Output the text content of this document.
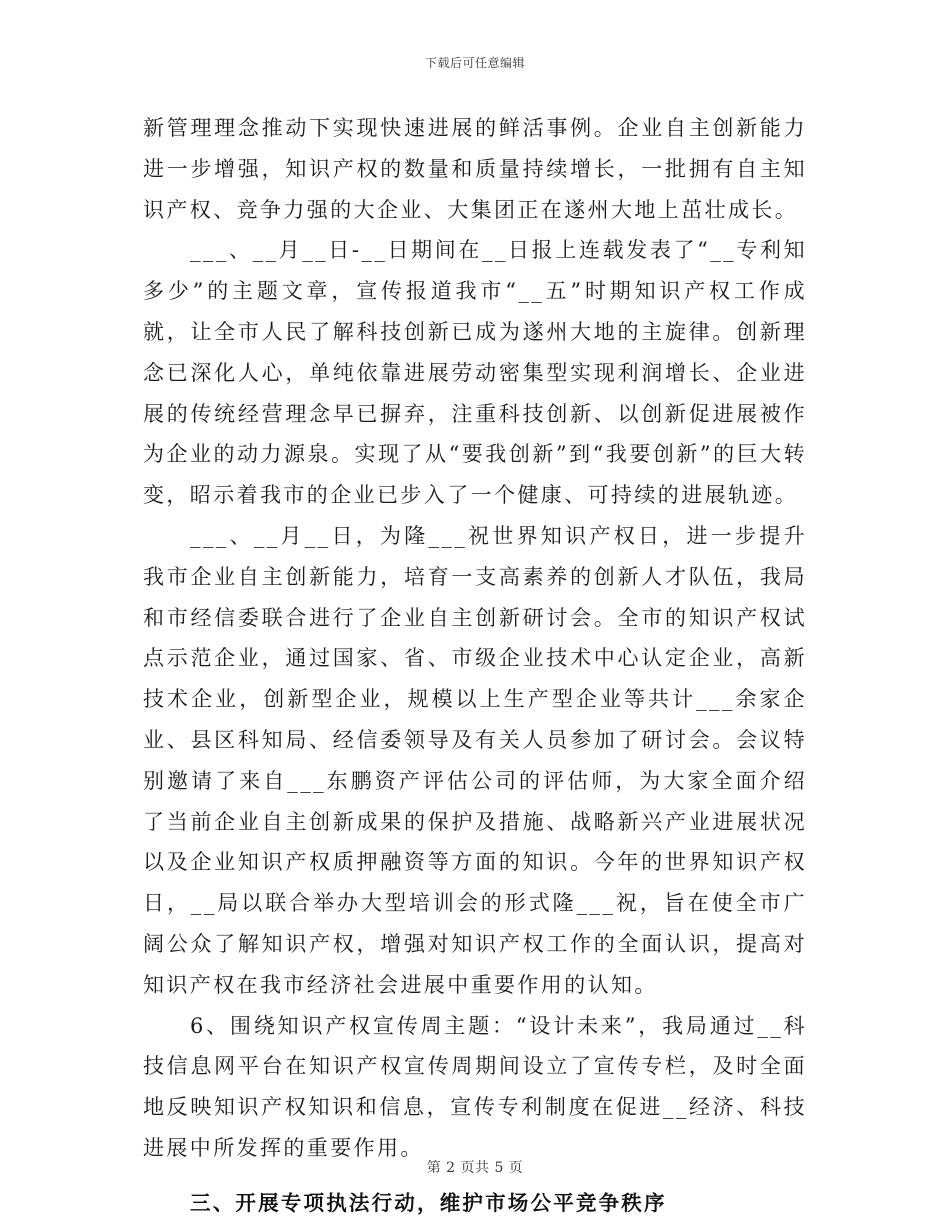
下载后可任意编辑

新管理理念推动下实现快速进展的鲜活事例。企业自主创新能力进一步增强，知识产权的数量和质量持续增长，一批拥有自主知识产权、竞争力强的大企业、大集团正在遂州大地上茁壮成长。

___、__月__日-__日期间在__日报上连载发表了“__专利知多少”的主题文章，宣传报道我市“__五”时期知识产权工作成就，让全市人民了解科技创新已成为遂州大地的主旋律。创新理念已深化人心，单纯依靠进展劳动密集型实现利润增长、企业进展的传统经营理念早已摒弃，注重科技创新、以创新促进展被作为企业的动力源泉。实现了从“要我创新”到“我要创新”的巨大转变，昭示着我市的企业已步入了一个健康、可持续的进展轨迹。

___、__月__日，为隆___祝世界知识产权日，进一步提升我市企业自主创新能力，培育一支高素养的创新人才队伍，我局和市经信委联合进行了企业自主创新研讨会。全市的知识产权试点示范企业，通过国家、省、市级企业技术中心认定企业，高新技术企业，创新型企业，规模以上生产型企业等共计___余家企业、县区科知局、经信委领导及有关人员参加了研讨会。会议特别邀请了来自___东鹏资产评估公司的评估师，为大家全面介绍了当前企业自主创新成果的保护及措施、战略新兴产业进展状况以及企业知识产权质押融资等方面的知识。今年的世界知识产权日，__局以联合举办大型培训会的形式隆___祝，旨在使全市广阔公众了解知识产权，增强对知识产权工作的全面认识，提高对知识产权在我市经济社会进展中重要作用的认知。

6、围绕知识产权宣传周主题：“设计未来”，我局通过__科技信息网平台在知识产权宣传周期间设立了宣传专栏，及时全面地反映知识产权知识和信息，宣传专利制度在促进__经济、科技进展中所发挥的重要作用。

三、开展专项执法行动，维护市场公平竞争秩序

第 2 页共 5 页
